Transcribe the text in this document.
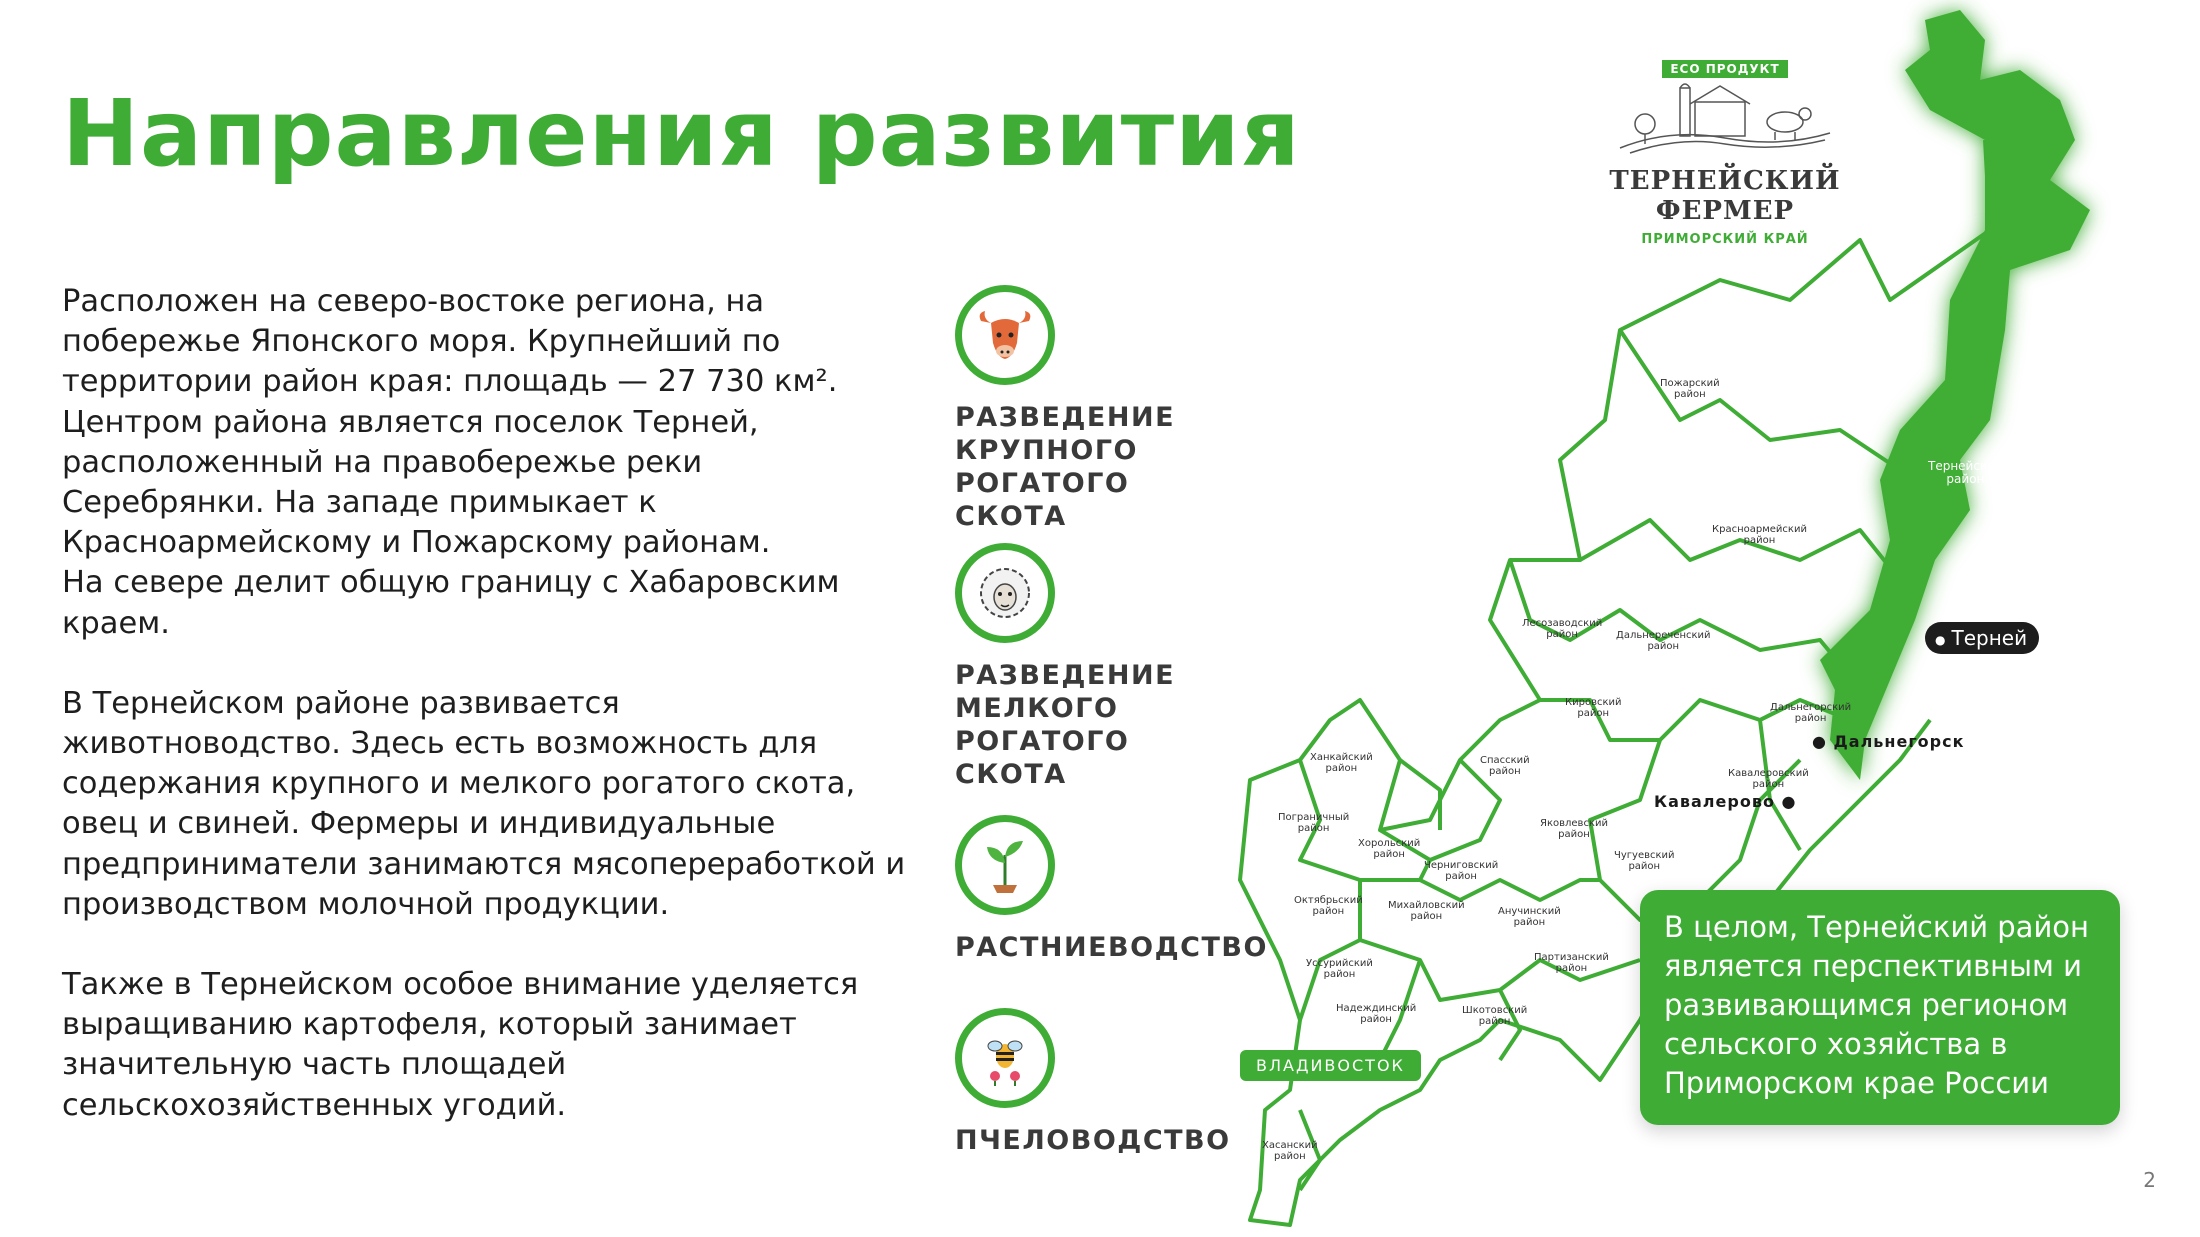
Направления развития

Расположен на северо-востоке региона, на
побережье Японского моря. Крупнейший по
территории район края: площадь — 27 730 км².
Центром района является поселок Терней,
расположенный на правобережье реки
Серебрянки. На западе примыкает к
Красноармейскому и Пожарскому районам.
На севере делит общую границу с Хабаровским
краем.

В Тернейском районе развивается
животноводство. Здесь есть возможность для
содержания крупного и мелкого рогатого скота,
овец и свиней. Фермеры и индивидуальные
предприниматели занимаются мясопереработкой и
производством молочной продукции.

Также в Тернейском особое внимание уделяется
выращиванию картофеля, который занимает
значительную часть площадей
сельскохозяйственных угодий.

РАЗВЕДЕНИЕ
КРУПНОГО
РОГАТОГО СКОТА
РАЗВЕДЕНИЕ
МЕЛКОГО
РОГАТОГО СКОТА
РАСТНИЕВОДСТВО
ПЧЕЛОВОДСТВО
Пожарский
район
Тернейский
район
Красноармейский
район
Лесозаводский
район	Дальнереченский
район
Кировский
район
Дальнегорский
район
Спасский
район
Ханкайский
район	Кавалеровский
район
Пограничный
район	Яковлевский
район
Хорольский
район
Черниговский
район
Чугуевский
район
Октябрьский
район
Михайловский
район	Анучинский
район
Партизанский
район
Уссурийский
район
Надеждинский
район
Шкотовский
район
Хасанский
район
● Терней
● Дальнегорск
Кавалерово ●
ВЛАДИВОСТОК
ECO ПРОДУКТ
ТЕРНЕЙСКИЙ ФЕРМЕР
ПРИМОРСКИЙ КРАЙ
В целом, Тернейский район
является перспективным и
развивающимся регионом
сельского хозяйства в
Приморском крае России
2
